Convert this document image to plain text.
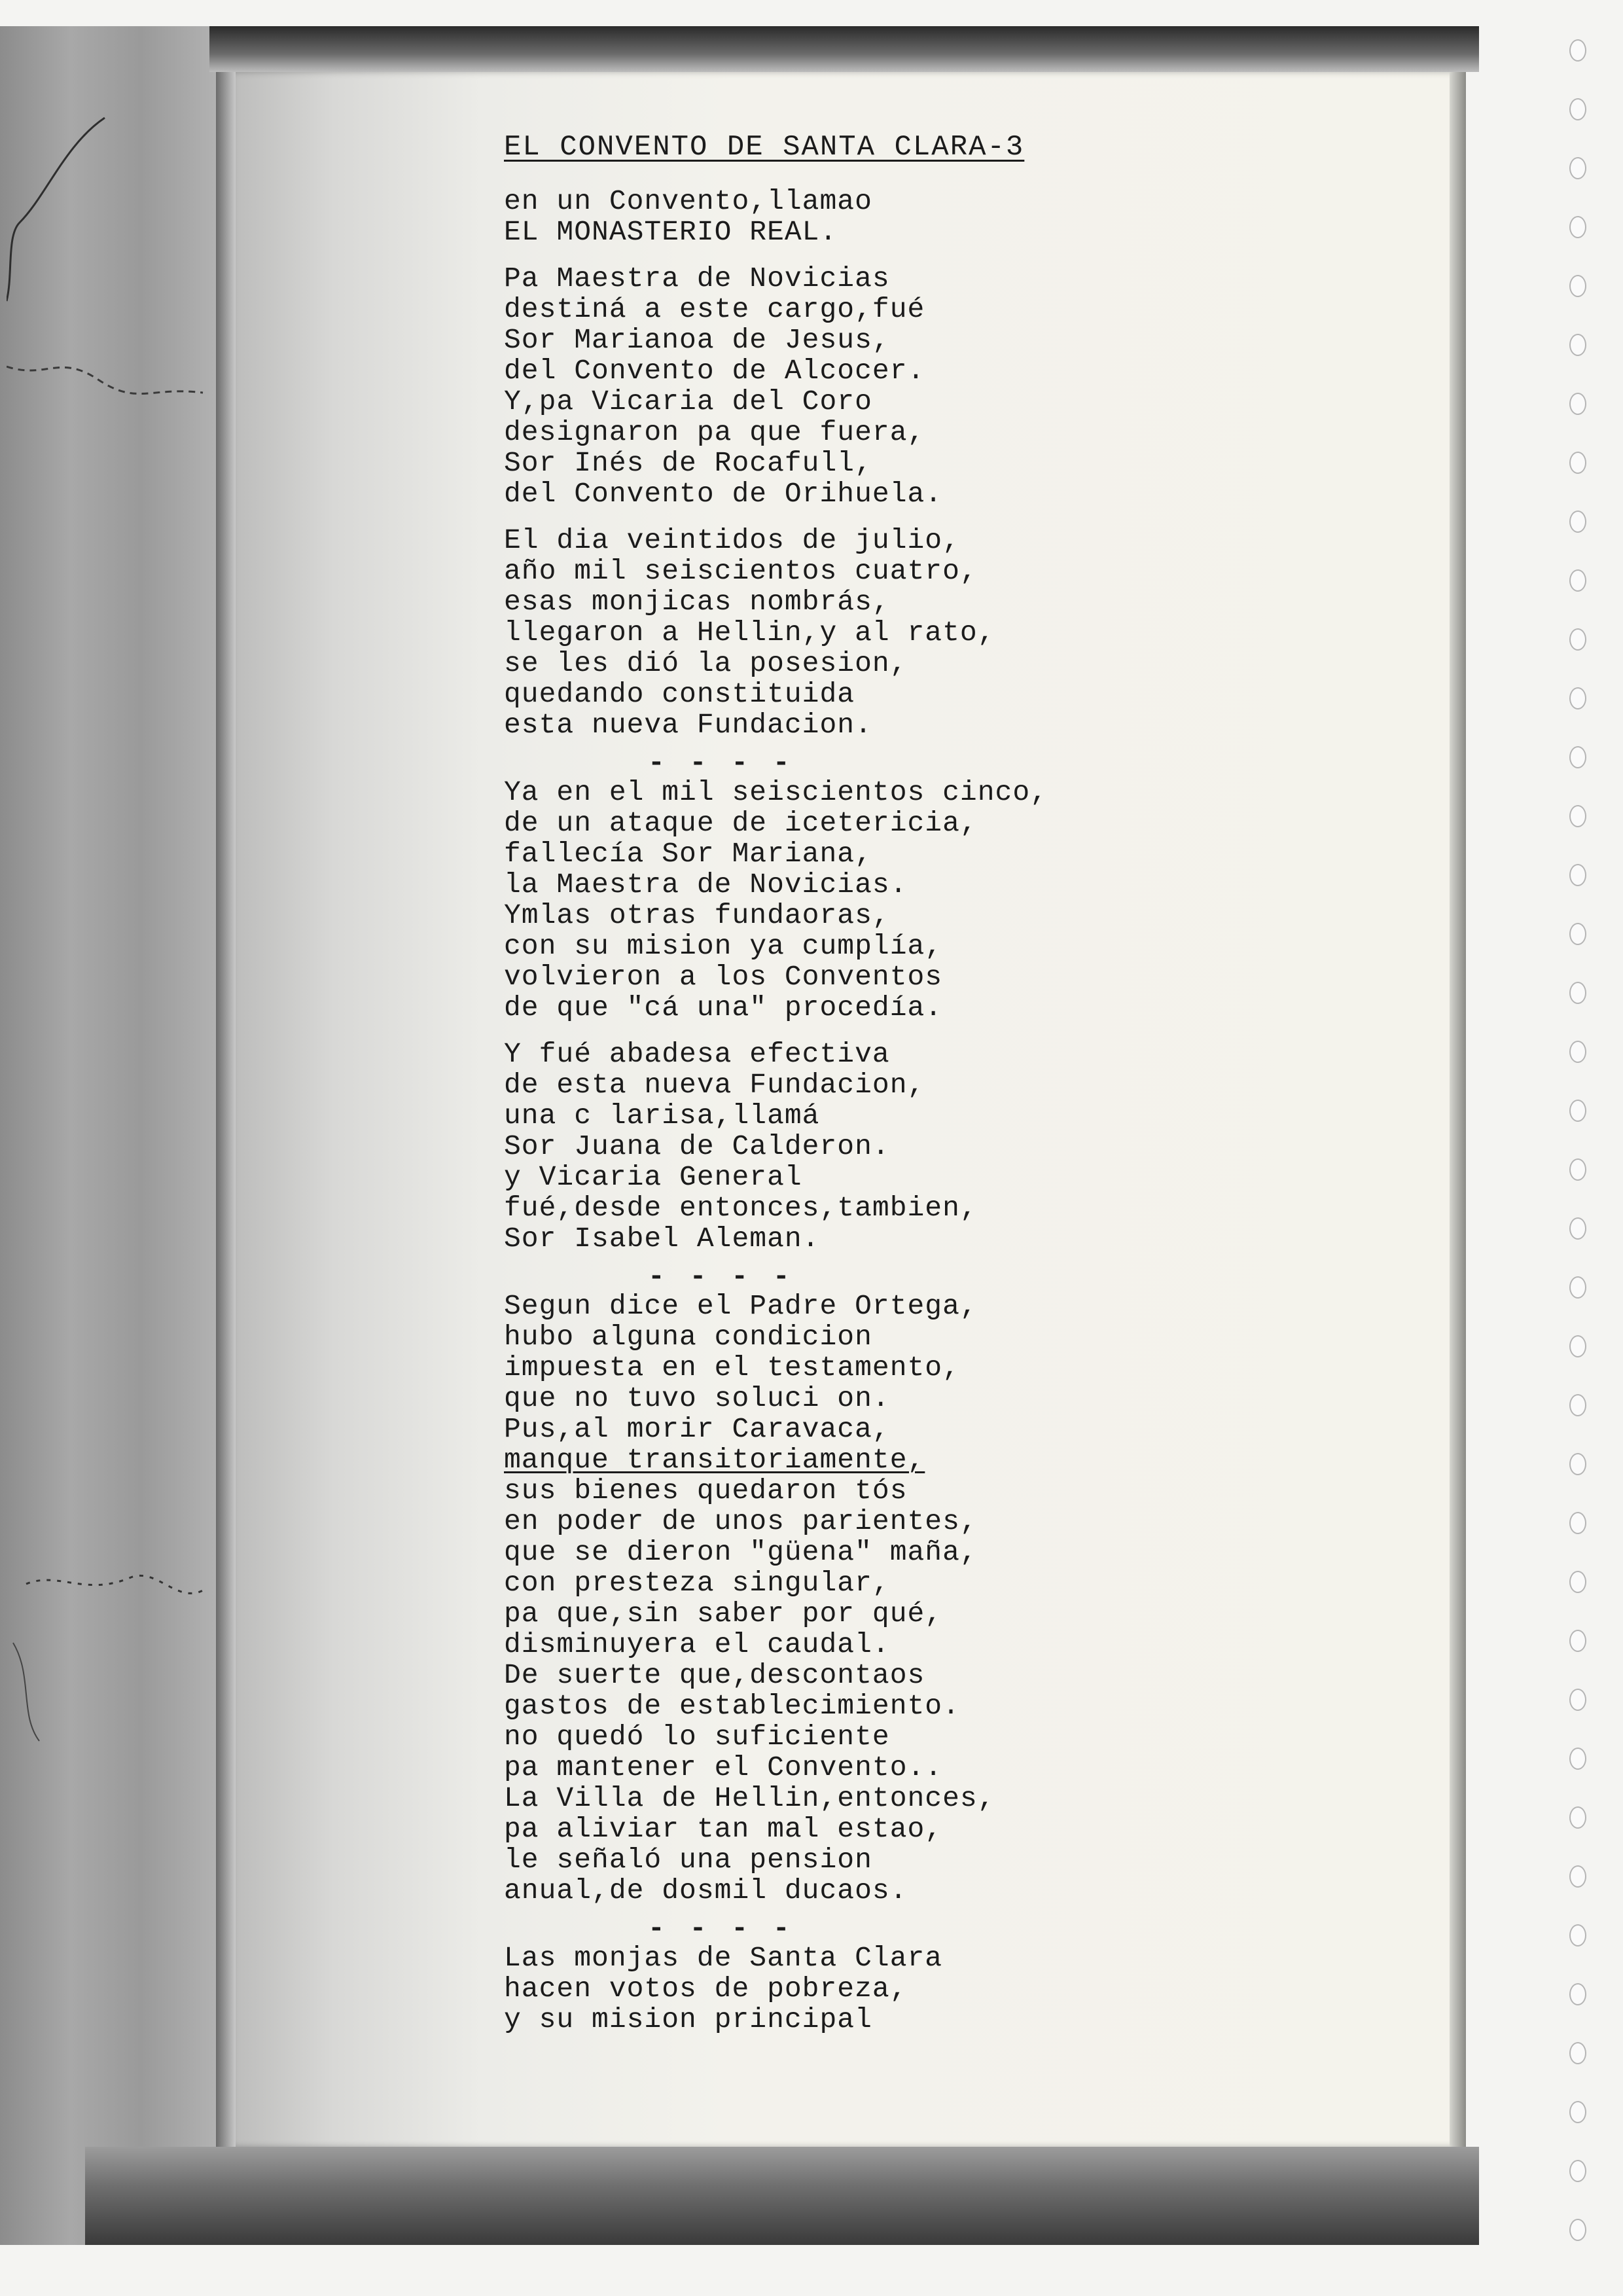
EL CONVENTO DE SANTA CLARA-3
en un Convento,llamao
EL MONASTERIO REAL.
Pa Maestra de Novicias
destiná a este cargo,fué
Sor Marianoa de Jesus,
del Convento de Alcocer.
Y,pa Vicaria del Coro
designaron pa que fuera,
Sor Inés de Rocafull,
del Convento de Orihuela.
El dia veintidos de julio,
año mil seiscientos cuatro,
esas monjicas nombrás,
llegaron a Hellin,y al rato,
se les dió la posesion,
quedando constituida
esta nueva Fundacion.
- - - -
Ya en el mil seiscientos cinco,
de un ataque de icetericia,
fallecía Sor Mariana,
la Maestra de Novicias.
Ymlas otras fundaoras,
con su mision ya cumplía,
volvieron a los Conventos
de que "cá una" procedía.
Y fué abadesa efectiva
de esta nueva Fundacion,
una c larisa,llamá
Sor Juana de Calderon.
y Vicaria General
fué,desde entonces,tambien,
Sor Isabel Aleman.
- - - -
Segun dice el Padre Ortega,
hubo alguna condicion
impuesta en el testamento,
que no tuvo soluci on.
Pus,al morir Caravaca,
manque transitoriamente,
sus bienes quedaron tós
en poder de unos parientes,
que se dieron "güena" maña,
con presteza singular,
pa que,sin saber por qué,
disminuyera el caudal.
De suerte que,descontaos
gastos de establecimiento.
no quedó lo suficiente
pa mantener el Convento..
La Villa de Hellin,entonces,
pa aliviar tan mal estao,
le señaló una pension
anual,de dosmil ducaos.
- - - -
Las monjas de Santa Clara
hacen votos de pobreza,
y su mision principal
